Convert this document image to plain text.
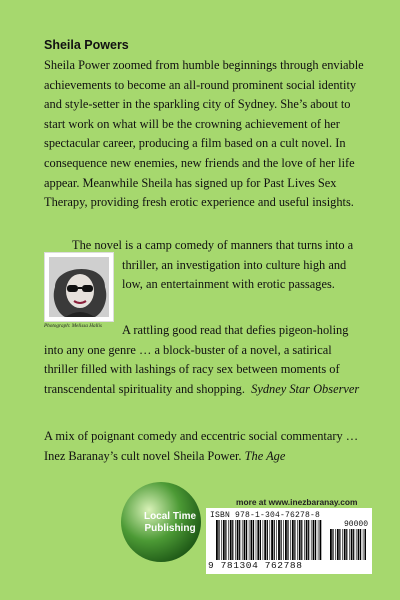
Sheila Powers

Sheila Power zoomed from humble beginnings through enviable achievements to become an all-round prominent social identity and style-setter in the sparkling city of Sydney. She’s about to start work on what will be the crowning achievement of her spectacular career, producing a film based on a cult novel. In consequence new enemies, new friends and the love of her life appear. Meanwhile Sheila has signed up for Past Lives Sex Therapy, providing fresh erotic experience and useful insights.

The novel is a camp comedy of manners that turns into a thriller, an investigation into culture high and low, an entertainment with erotic passages.

Photograph: Melissa Hallis	A rattling good read that defies pigeon-holing into any one genre … a block-buster of a novel, a satirical thriller filled with lashings of racy sex between moments of transcendental spirituality and shopping. Sydney Star Observer

A mix of poignant comedy and eccentric social commentary … Inez Baranay’s cult novel Sheila Power. The Age

more at www.inezbaranay.com
Local Time
Publishing
ISBN 978-1-304-76278-8
90000
9 781304 762788
